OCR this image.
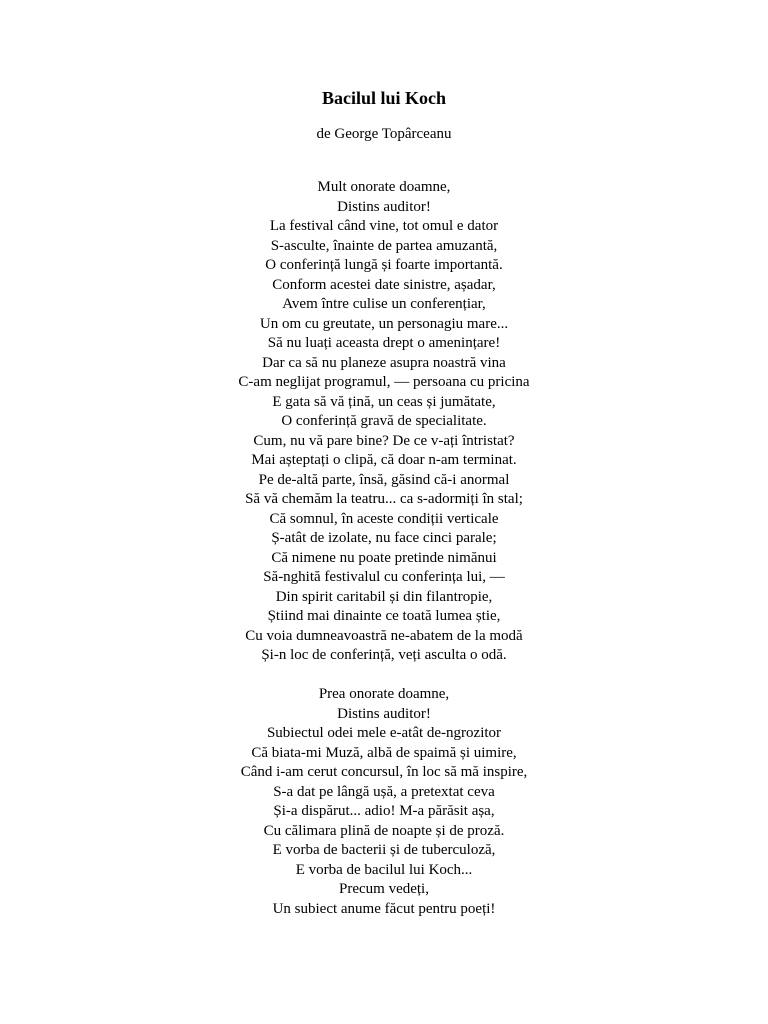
Bacilul lui Koch

de George Topârceanu

Mult onorate doamne,
Distins auditor!
La festival când vine, tot omul e dator
S-asculte, înainte de partea amuzantă,
O conferință lungă și foarte importantă.
Conform acestei date sinistre, așadar,
Avem între culise un conferențiar,
Un om cu greutate, un personagiu mare...
Să nu luați aceasta drept o amenințare!
Dar ca să nu planeze asupra noastră vina
C-am neglijat programul, — persoana cu pricina
E gata să vă țină, un ceas și jumătate,
O conferință gravă de specialitate.
Cum, nu vă pare bine? De ce v-ați întristat?
Mai așteptați o clipă, că doar n-am terminat.
Pe de-altă parte, însă, găsind că-i anormal
Să vă chemăm la teatru... ca s-adormiți în stal;
Că somnul, în aceste condiții verticale
Ș-atât de izolate, nu face cinci parale;
Că nimene nu poate pretinde nimănui
Să-nghită festivalul cu conferința lui, —
Din spirit caritabil și din filantropie,
Știind mai dinainte ce toată lumea știe,
Cu voia dumneavoastră ne-abatem de la modă
Și-n loc de conferință, veți asculta o odă.
Prea onorate doamne,
Distins auditor!
Subiectul odei mele e-atât de-ngrozitor
Că biata-mi Muză, albă de spaimă și uimire,
Când i-am cerut concursul, în loc să mă inspire,
S-a dat pe lângă ușă, a pretextat ceva
Și-a dispărut... adio! M-a părăsit așa,
Cu călimara plină de noapte și de proză.
E vorba de bacterii și de tuberculoză,
E vorba de bacilul lui Koch...
Precum vedeți,
Un subiect anume făcut pentru poeți!
